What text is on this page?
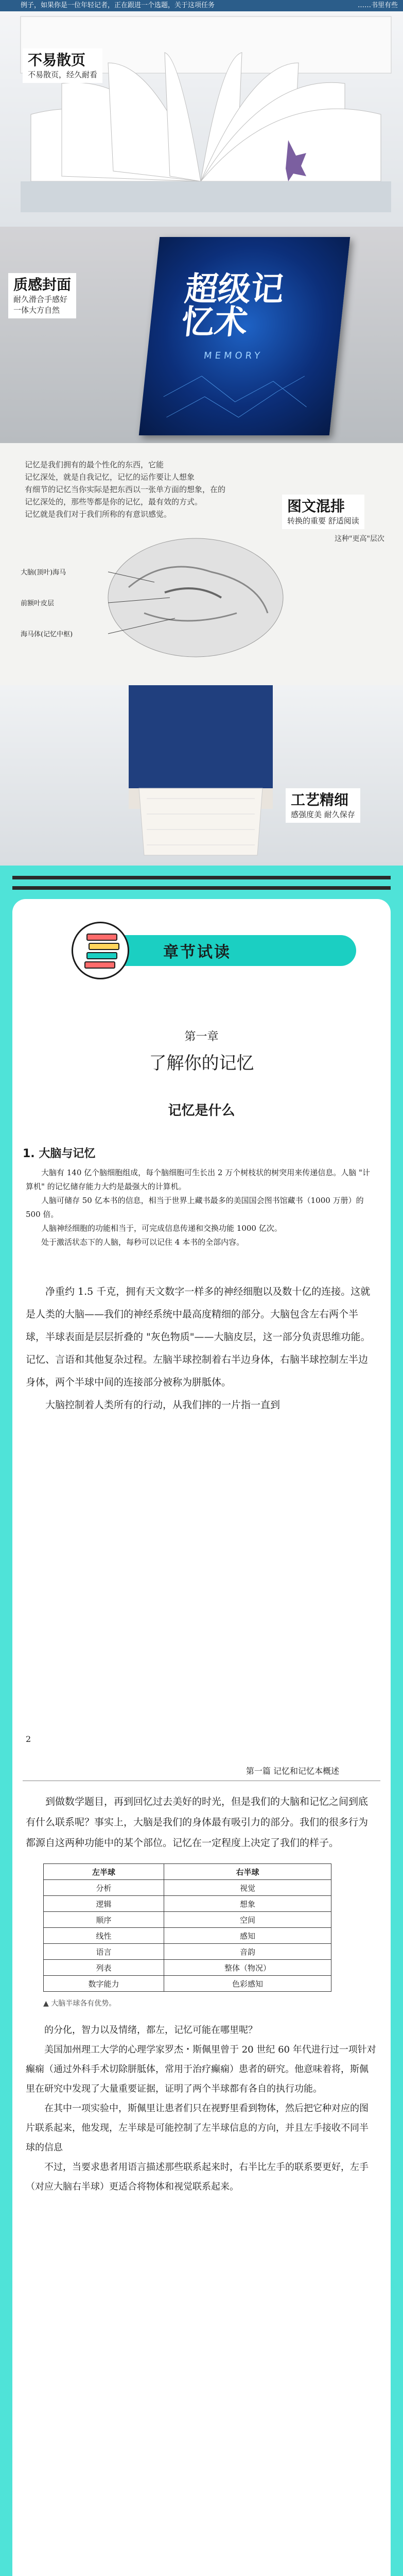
例子，如果你是一位年轻记者，正在跟进一个选题，关于这项任务	……书里有些
不易散页
不易散页，经久耐看
超级记忆术
MEMORY
质感封面
耐久滑合手感好
一体大方自然
记忆是我们拥有的最个性化的东西，它能
记忆深处，就是自我记忆，记忆的运作要让人想象
有细节的记忆当你实际是把东西以一张单方面的想象，在的
记忆深处的，那些等都是你的记忆，最有效的方式。
记忆就是我们对于我们所称的有意识感觉。
大脑(顶叶)海马
前额叶皮层
海马体(记忆中枢)
图文混排
转换的重要 舒适阅读
这种"更高"层次
工艺精细
感强度美 耐久保存
章节试读
第一章
了解你的记忆
记忆是什么
1. 大脑与记忆

大脑有 140 亿个脑细胞组成，每个脑细胞可生长出 2 万个树枝状的树突用来传递信息。人脑 "计算机" 的记忆储存能力大约是最强大的计算机。

人脑可储存 50 亿本书的信息，相当于世界上藏书最多的美国国会图书馆藏书（1000 万册）的 500 倍。

人脑神经细胞的功能相当于，可完成信息传递和交换功能 1000 亿次。

处于激活状态下的人脑，每秒可以记住 4 本书的全部内容。

净重约 1.5 千克，拥有天文数字一样多的神经细胞以及数十亿的连接。这就是人类的大脑——我们的神经系统中最高度精细的部分。大脑包含左右两个半球，半球表面是层层折叠的 "灰色物质"——大脑皮层，这一部分负责思维功能。记忆、言语和其他复杂过程。左脑半球控制着右半边身体，右脑半球控制左半边身体，两个半球中间的连接部分被称为胼胝体。

大脑控制着人类所有的行动，从我们摔的一片指一直到

2
第一篇 记忆和记忆本概述

到做数学题目，再到回忆过去美好的时光，但是我们的大脑和记忆之间到底有什么联系呢？事实上，大脑是我们的身体最有吸引力的部分。我们的很多行为都源自这两种功能中的某个部位。记忆在一定程度上决定了我们的样子。

左半球	右半球
分析	视觉
逻辑	想象
顺序	空间
线性	感知
语言	音韵
列表	整体（物况）
数字能力	色彩感知
▲ 大脑半球各有优势。

的分化，智力以及情绪，都左，记忆可能在哪里呢？

美国加州理工大学的心理学家罗杰・斯佩里曾于 20 世纪 60 年代进行过一项针对癫痫（通过外科手术切除胼胝体，常用于治疗癫痫）患者的研究。他意味着将，斯佩里在研究中发现了大量重要证据，证明了两个半球都有各自的执行功能。

在其中一项实验中，斯佩里让患者们只在视野里看到物体，然后把它种对应的图片联系起来，他发现，左半球是可能控制了左半球信息的方向，并且左手接收不同半球的信息

不过，当要求患者用语言描述那些联系起来时，右半比左手的联系要更好，左手（对应大脑右半球）更适合将物体和视觉联系起来。
